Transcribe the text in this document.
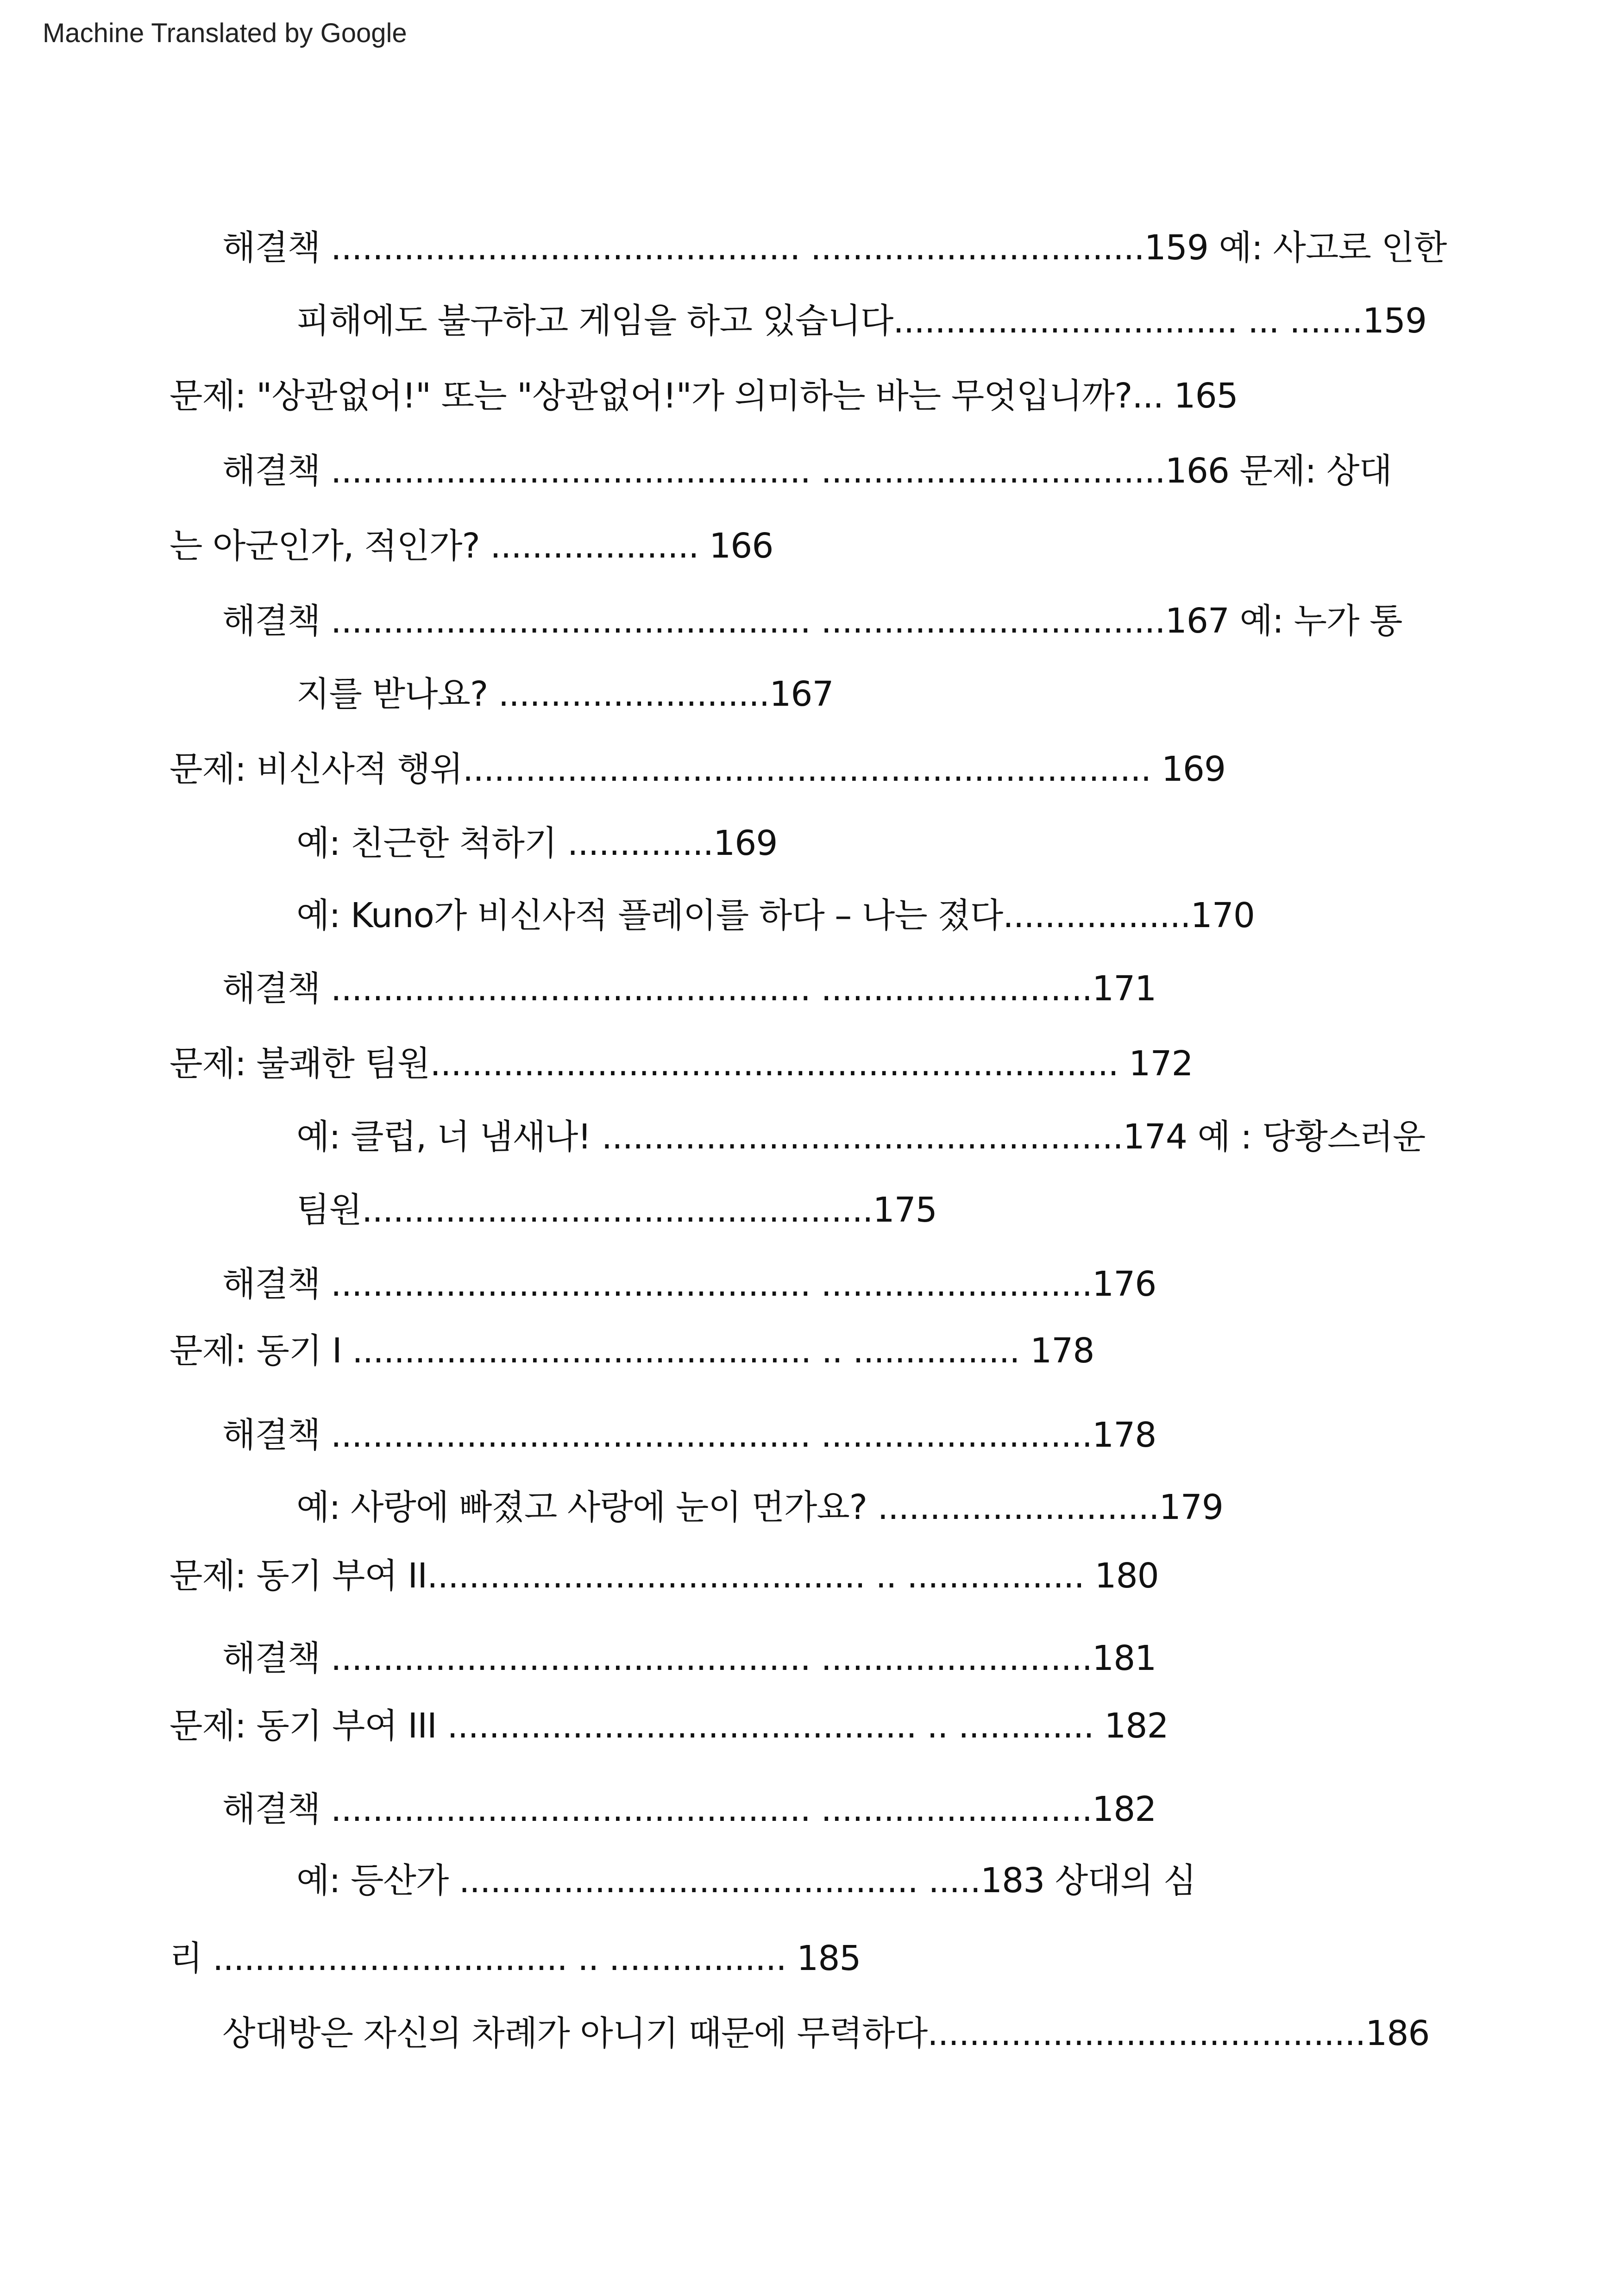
Machine Translated by Google
해결책 ............................................. ................................159 예: 사고로 인한
피해에도 불구하고 게임을 하고 있습니다................................. ... .......159
문제: "상관없어!" 또는 "상관없어!"가 의미하는 바는 무엇입니까?... 165
해결책 .............................................. .................................166 문제: 상대
는 아군인가, 적인가? .................... 166
해결책 .............................................. .................................167 예: 누가 통
지를 받나요? ..........................167
문제: 비신사적 행위.................................................................. 169
예: 친근한 척하기 ..............169
예: Kuno가 비신사적 플레이를 하다 – 나는 졌다..................170
해결책 .............................................. ..........................171
문제: 불쾌한 팀원.................................................................. 172
예: 클럽, 너 냄새나! ..................................................174 예 : 당황스러운
팀원.................................................175
해결책 .............................................. ..........................176
문제: 동기 I ............................................ .. ................ 178
해결책 .............................................. ..........................178
예: 사랑에 빠졌고 사랑에 눈이 먼가요? ...........................179
문제: 동기 부여 II.......................................... .. ................. 180
해결책 .............................................. ..........................181
문제: 동기 부여 III ............................................. .. ............. 182
해결책 .............................................. ..........................182
예: 등산가 ............................................ .....183 상대의 심
리 .................................. .. ................. 185
상대방은 자신의 차례가 아니기 때문에 무력하다..........................................186
